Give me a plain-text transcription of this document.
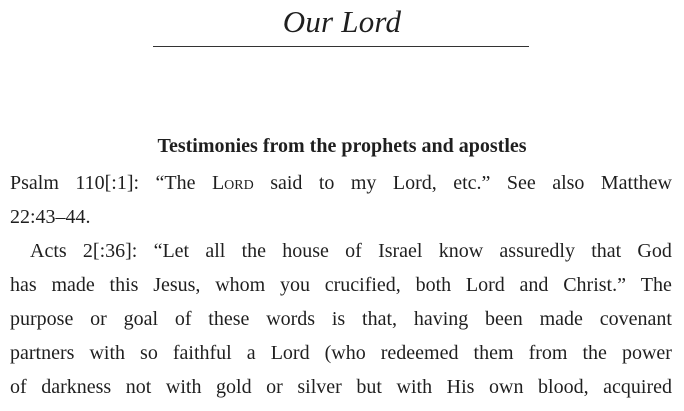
Our Lord
Testimonies from the prophets and apostles
Psalm 110[:1]: “The Lord said to my Lord, etc.” See also Matthew
22:43–44.
Acts 2[:36]: “Let all the house of Israel know assuredly that God
has made this Jesus, whom you crucified, both Lord and Christ.” The
purpose or goal of these words is that, having been made covenant
partners with so faithful a Lord (who redeemed them from the power
of darkness not with gold or silver but with His own blood, acquired
